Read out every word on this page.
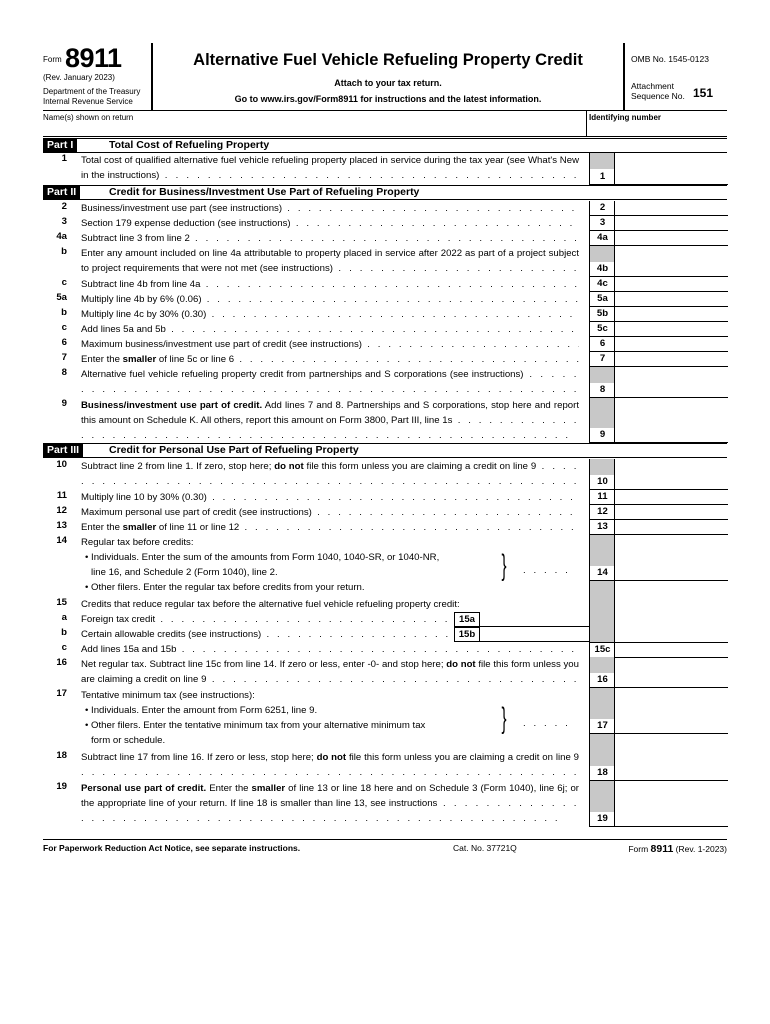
Form 8911
(Rev. January 2023)
Department of the Treasury Internal Revenue Service
Alternative Fuel Vehicle Refueling Property Credit
Attach to your tax return.
Go to www.irs.gov/Form8911 for instructions and the latest information.
OMB No. 1545-0123
Attachment Sequence No. 151
Name(s) shown on return	Identifying number
Part I	Total Cost of Refueling Property
1 Total cost of qualified alternative fuel vehicle refueling property placed in service during the tax year (see What's New in the instructions) . . .	1
Part II	Credit for Business/Investment Use Part of Refueling Property
2 Business/investment use part (see instructions) . . .	2
3 Section 179 expense deduction (see instructions) . . .	3
4a Subtract line 3 from line 2 . . .	4a
b Enter any amount included on line 4a attributable to property placed in service after 2022 as part of a project subject to project requirements that were not met (see instructions) . . .	4b
c Subtract line 4b from line 4a . . .	4c
5a Multiply line 4b by 6% (0.06) . . .	5a
b Multiply line 4c by 30% (0.30) . . .	5b
c Add lines 5a and 5b . . .	5c
6 Maximum business/investment use part of credit (see instructions) . . .	6
7 Enter the smaller of line 5c or line 6 . . .	7
8 Alternative fuel vehicle refueling property credit from partnerships and S corporations (see instructions) . . .
8
9 Business/investment use part of credit. Add lines 7 and 8. Partnerships and S corporations, stop here and report this amount on Schedule K. All others, report this amount on Form 3800, Part III, line 1s . . .
9
Part III	Credit for Personal Use Part of Refueling Property
10 Subtract line 2 from line 1. If zero, stop here; do not file this form unless you are claiming a credit on line 9 . . .
10
11 Multiply line 10 by 30% (0.30) . . .	11
12 Maximum personal use part of credit (see instructions) . . .	12
13 Enter the smaller of line 11 or line 12 . . .	13
14 Regular tax before credits:
• Individuals. Enter the sum of the amounts from Form 1040, 1040-SR, or 1040-NR,
line 16, and Schedule 2 (Form 1040), line 2.
• Other filers. Enter the regular tax before credits from your return.
} . . . . .	14
15 Credits that reduce regular tax before the alternative fuel vehicle refueling property credit:
a Foreign tax credit . . .	15a
b Certain allowable credits (see instructions) . . .	15b
c Add lines 15a and 15b . . .	15c
16 Net regular tax. Subtract line 15c from line 14. If zero or less, enter -0- and stop here; do not file this form unless you are claiming a credit on line 9 . . .	16
17 Tentative minimum tax (see instructions):
• Individuals. Enter the amount from Form 6251, line 9.
• Other filers. Enter the tentative minimum tax from your alternative minimum tax
form or schedule.
} . . . . .	17
18 Subtract line 17 from line 16. If zero or less, stop here; do not file this form unless you are claiming a credit on line 9 . . .
18
19 Personal use part of credit. Enter the smaller of line 13 or line 18 here and on Schedule 3 (Form 1040), line 6j; or the appropriate line of your return. If line 18 is smaller than line 13, see instructions . . .
19
For Paperwork Reduction Act Notice, see separate instructions.	Cat. No. 37721Q	Form 8911 (Rev. 1-2023)
